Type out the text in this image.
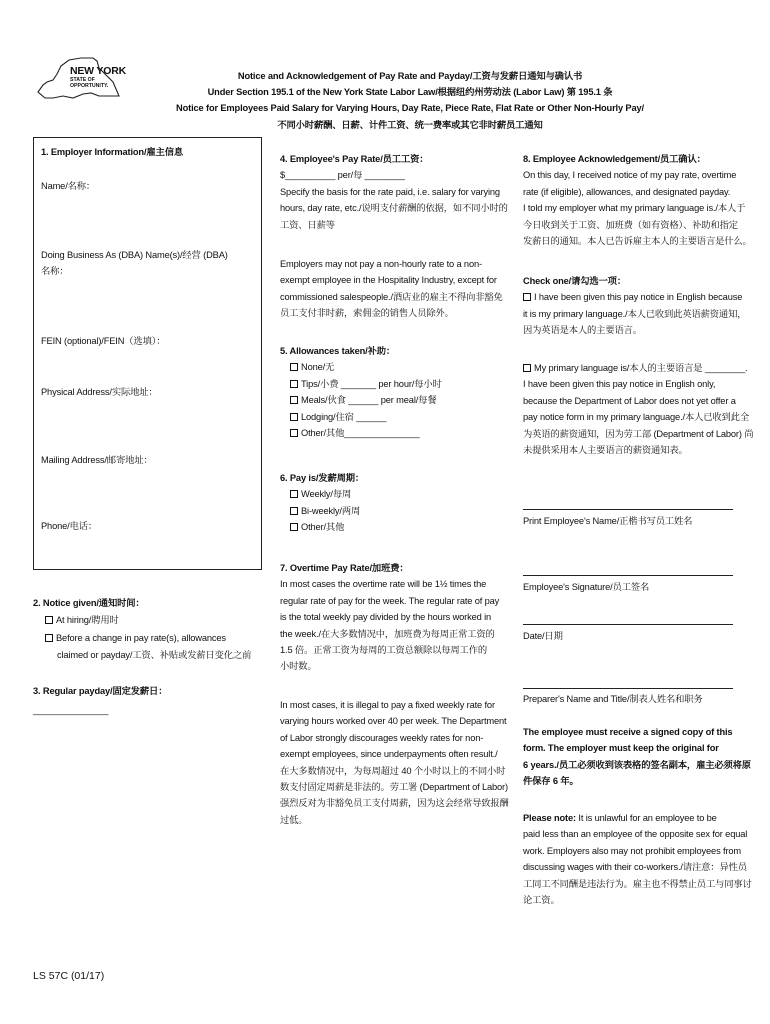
NEW YORK
STATE OF
OPPORTUNITY.
Notice and Acknowledgement of Pay Rate and Payday/工资与发薪日通知与确认书
Under Section 195.1 of the New York State Labor Law/根据纽约州劳动法 (Labor Law) 第 195.1 条
Notice for Employees Paid Salary for Varying Hours, Day Rate, Piece Rate, Flat Rate or Other Non-Hourly Pay/
不同小时薪酬、日薪、计件工资、统一费率或其它非时薪员工通知
1. Employer Information/雇主信息
Name/名称：
Doing Business As (DBA) Name(s)/经营 (DBA)
名称：
FEIN (optional)/FEIN（选填）：
Physical Address/实际地址：
Mailing Address/邮寄地址：
Phone/电话：
2. Notice given/通知时间：
At hiring/聘用时
Before a change in pay rate(s), allowances
claimed or payday/工资、补贴或发薪日变化之前
3. Regular payday/固定发薪日：
_______________

4. Employee's Pay Rate/员工工资：

$__________ per/每 ________

Specify the basis for the rate paid, i.e. salary for varying

hours, day rate, etc./说明支付薪酬的依据，如不同小时的

工资、日薪等

Employers may not pay a non-hourly rate to a non-

exempt employee in the Hospitality Industry, except for

commissioned salespeople./酒店业的雇主不得向非豁免

员工支付非时薪，索佣金的销售人员除外。

5. Allowances taken/补助：

None/无

Tips/小费 _______ per hour/每小时

Meals/伙食 ______ per meal/每餐

Lodging/住宿 ______

Other/其他_______________

6. Pay is/发薪周期：

Weekly/每周

Bi-weekly/两周

Other/其他

7. Overtime Pay Rate/加班费：

In most cases the overtime rate will be 1½ times the

regular rate of pay for the week. The regular rate of pay

is the total weekly pay divided by the hours worked in

the week./在大多数情况中，加班费为每周正常工资的

1.5 倍。正常工资为每周的工资总额除以每周工作的

小时数。

In most cases, it is illegal to pay a fixed weekly rate for

varying hours worked over 40 per week. The Department

of Labor strongly discourages weekly rates for non-

exempt employees, since underpayments often result./

在大多数情况中，为每周超过 40 个小时以上的不同小时

数支付固定周薪是非法的。劳工署 (Department of Labor)

强烈反对为非豁免员工支付周薪，因为这会经常导致报酬

过低。

8. Employee Acknowledgement/员工确认：

On this day, I received notice of my pay rate, overtime

rate (if eligible), allowances, and designated payday.

I told my employer what my primary language is./本人于

今日收到关于工资、加班费（如有资格）、补助和指定

发薪日的通知。本人已告诉雇主本人的主要语言是什么。

Check one/请勾选一项：

I have been given this pay notice in English because

it is my primary language./本人已收到此英语薪资通知，

因为英语是本人的主要语言。

My primary language is/本人的主要语言是 ________.

I have been given this pay notice in English only,

because the Department of Labor does not yet offer a

pay notice form in my primary language./本人已收到此全

为英语的薪资通知，因为劳工部 (Department of Labor) 尚

未提供采用本人主要语言的薪资通知表。

Print Employee's Name/正楷书写员工姓名
Employee's Signature/员工签名
Date/日期
Preparer's Name and Title/制表人姓名和职务

The employee must receive a signed copy of this

form. The employer must keep the original for

6 years./员工必须收到该表格的签名副本，雇主必须将原

件保存 6 年。

Please note: It is unlawful for an employee to be

paid less than an employee of the opposite sex for equal

work. Employers also may not prohibit employees from

discussing wages with their co-workers./请注意：异性员

工同工不同酬是违法行为。雇主也不得禁止员工与同事讨

论工资。

LS 57C (01/17)
